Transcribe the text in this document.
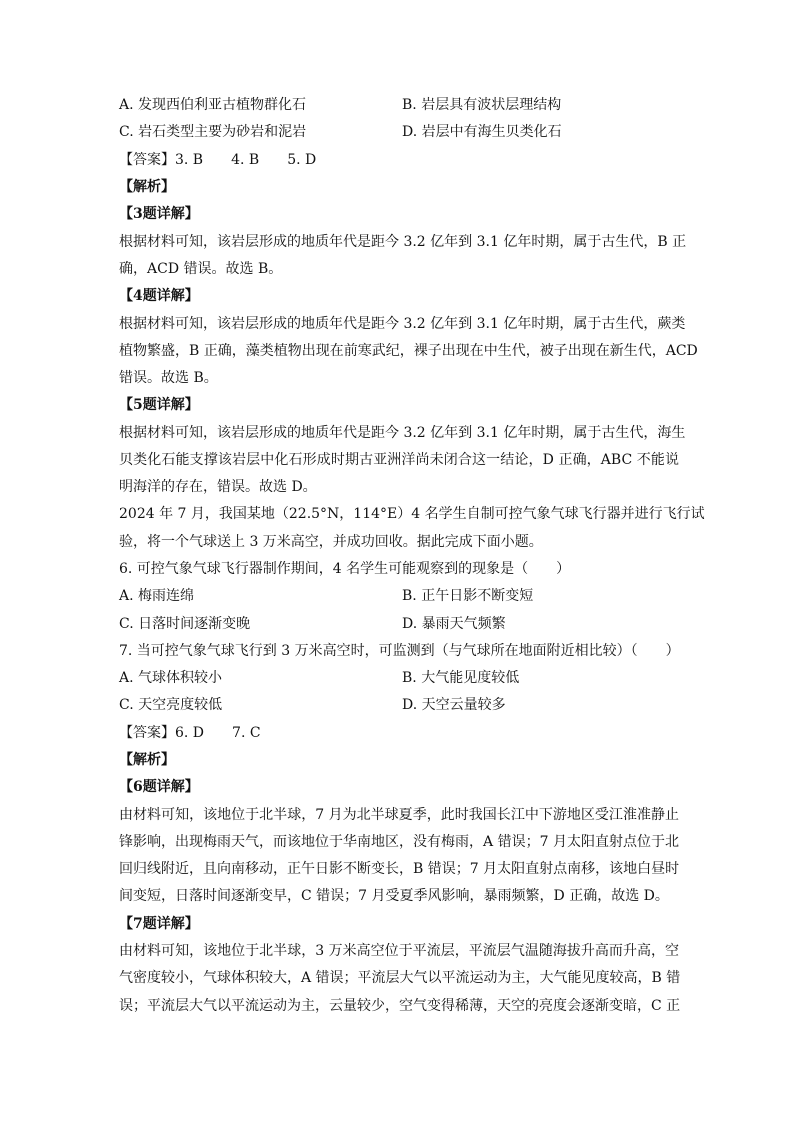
A. 发现西伯利亚古植物群化石	B. 岩层具有波状层理结构
C. 岩石类型主要为砂岩和泥岩	D. 岩层中有海生贝类化石
【答案】3. B　　4. B　　5. D
【解析】
【3题详解】
根据材料可知，该岩层形成的地质年代是距今 3.2 亿年到 3.1 亿年时期，属于古生代，B 正
确，ACD 错误。故选 B。
【4题详解】
根据材料可知，该岩层形成的地质年代是距今 3.2 亿年到 3.1 亿年时期，属于古生代，蕨类
植物繁盛，B 正确，藻类植物出现在前寒武纪，裸子出现在中生代，被子出现在新生代，ACD
错误。故选 B。
【5题详解】
根据材料可知，该岩层形成的地质年代是距今 3.2 亿年到 3.1 亿年时期，属于古生代，海生
贝类化石能支撑该岩层中化石形成时期古亚洲洋尚未闭合这一结论，D 正确，ABC 不能说
明海洋的存在，错误。故选 D。
2024 年 7 月，我国某地（22.5°N，114°E）4 名学生自制可控气象气球飞行器并进行飞行试
验，将一个气球送上 3 万米高空，并成功回收。据此完成下面小题。
6. 可控气象气球飞行器制作期间，4 名学生可能观察到的现象是（　　）
A. 梅雨连绵	B. 正午日影不断变短
C. 日落时间逐渐变晚	D. 暴雨天气频繁
7. 当可控气象气球飞行到 3 万米高空时，可监测到（与气球所在地面附近相比较）（　　）
A. 气球体积较小	B. 大气能见度较低
C. 天空亮度较低	D. 天空云量较多
【答案】6. D　　7. C
【解析】
【6题详解】
由材料可知，该地位于北半球，7 月为北半球夏季，此时我国长江中下游地区受江淮准静止
锋影响，出现梅雨天气，而该地位于华南地区，没有梅雨，A 错误；7 月太阳直射点位于北
回归线附近，且向南移动，正午日影不断变长，B 错误；7 月太阳直射点南移，该地白昼时
间变短，日落时间逐渐变早，C 错误；7 月受夏季风影响，暴雨频繁，D 正确，故选 D。
【7题详解】
由材料可知，该地位于北半球，3 万米高空位于平流层，平流层气温随海拔升高而升高，空
气密度较小，气球体积较大，A 错误；平流层大气以平流运动为主，大气能见度较高，B 错
误；平流层大气以平流运动为主，云量较少，空气变得稀薄，天空的亮度会逐渐变暗，C 正
